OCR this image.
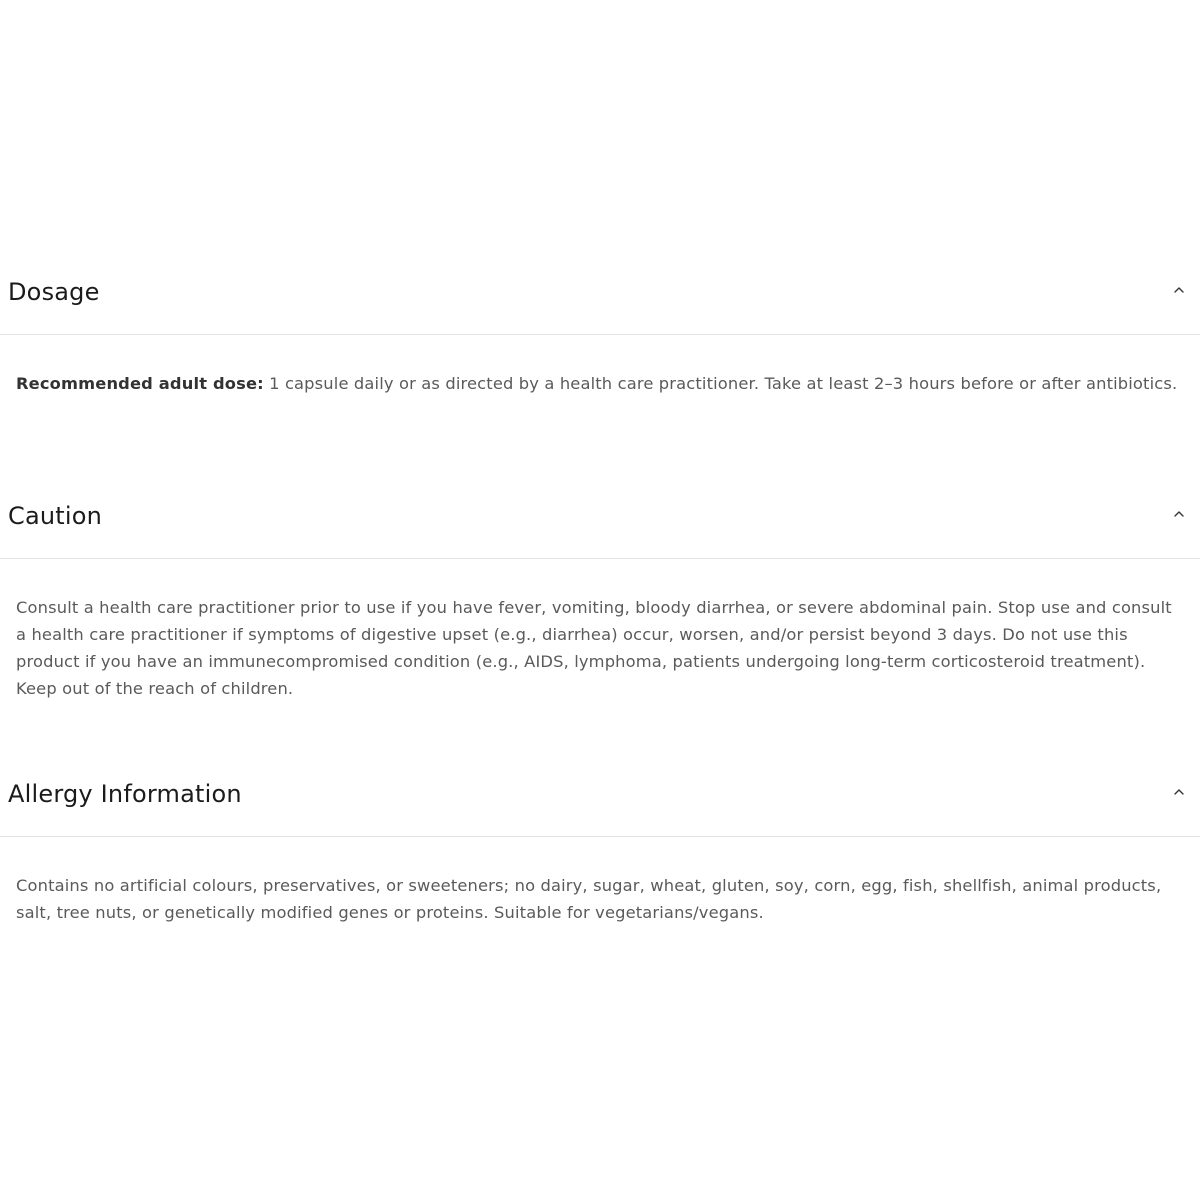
Dosage

Recommended adult dose: 1 capsule daily or as directed by a health care practitioner. Take at least 2–3 hours before or after antibiotics.

Caution

Consult a health care practitioner prior to use if you have fever, vomiting, bloody diarrhea, or severe abdominal pain. Stop use and consult a health care practitioner if symptoms of digestive upset (e.g., diarrhea) occur, worsen, and/or persist beyond 3 days. Do not use this product if you have an immunecompromised condition (e.g., AIDS, lymphoma, patients undergoing long-term corticosteroid treatment). Keep out of the reach of children.

Allergy Information

Contains no artificial colours, preservatives, or sweeteners; no dairy, sugar, wheat, gluten, soy, corn, egg, fish, shellfish, animal products, salt, tree nuts, or genetically modified genes or proteins. Suitable for vegetarians/vegans.
